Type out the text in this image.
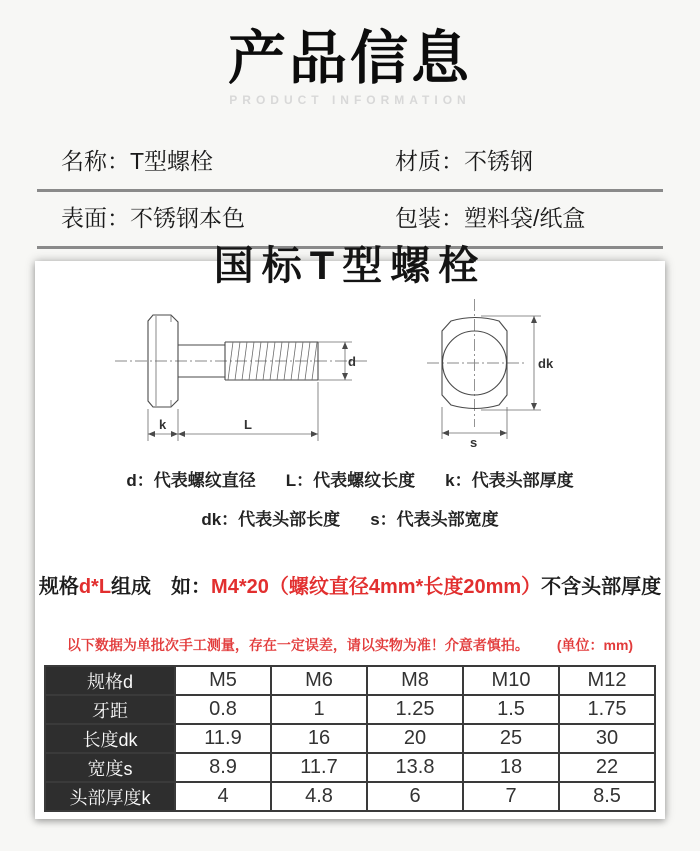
产品信息
PRODUCT INFORMATION
名称：T型螺栓	材质：不锈钢
表面：不锈钢本色	包装：塑料袋/纸盒
国标T型螺栓
d
k	L
dk
s
d：代表螺纹直径 L：代表螺纹长度 k：代表头部厚度
dk：代表头部长度 s：代表头部宽度
规格d*L组成　如：M4*20（螺纹直径4mm*长度20mm）不含头部厚度
以下数据为单批次手工测量，存在一定误差，请以实物为准！介意者慎拍。 (单位：mm)
规格d	M5	M6	M8	M10	M12
牙距	0.8	1	1.25	1.5	1.75
长度dk	11.9	16	20	25	30
宽度s	8.9	11.7	13.8	18	22
头部厚度k	4	4.8	6	7	8.5
